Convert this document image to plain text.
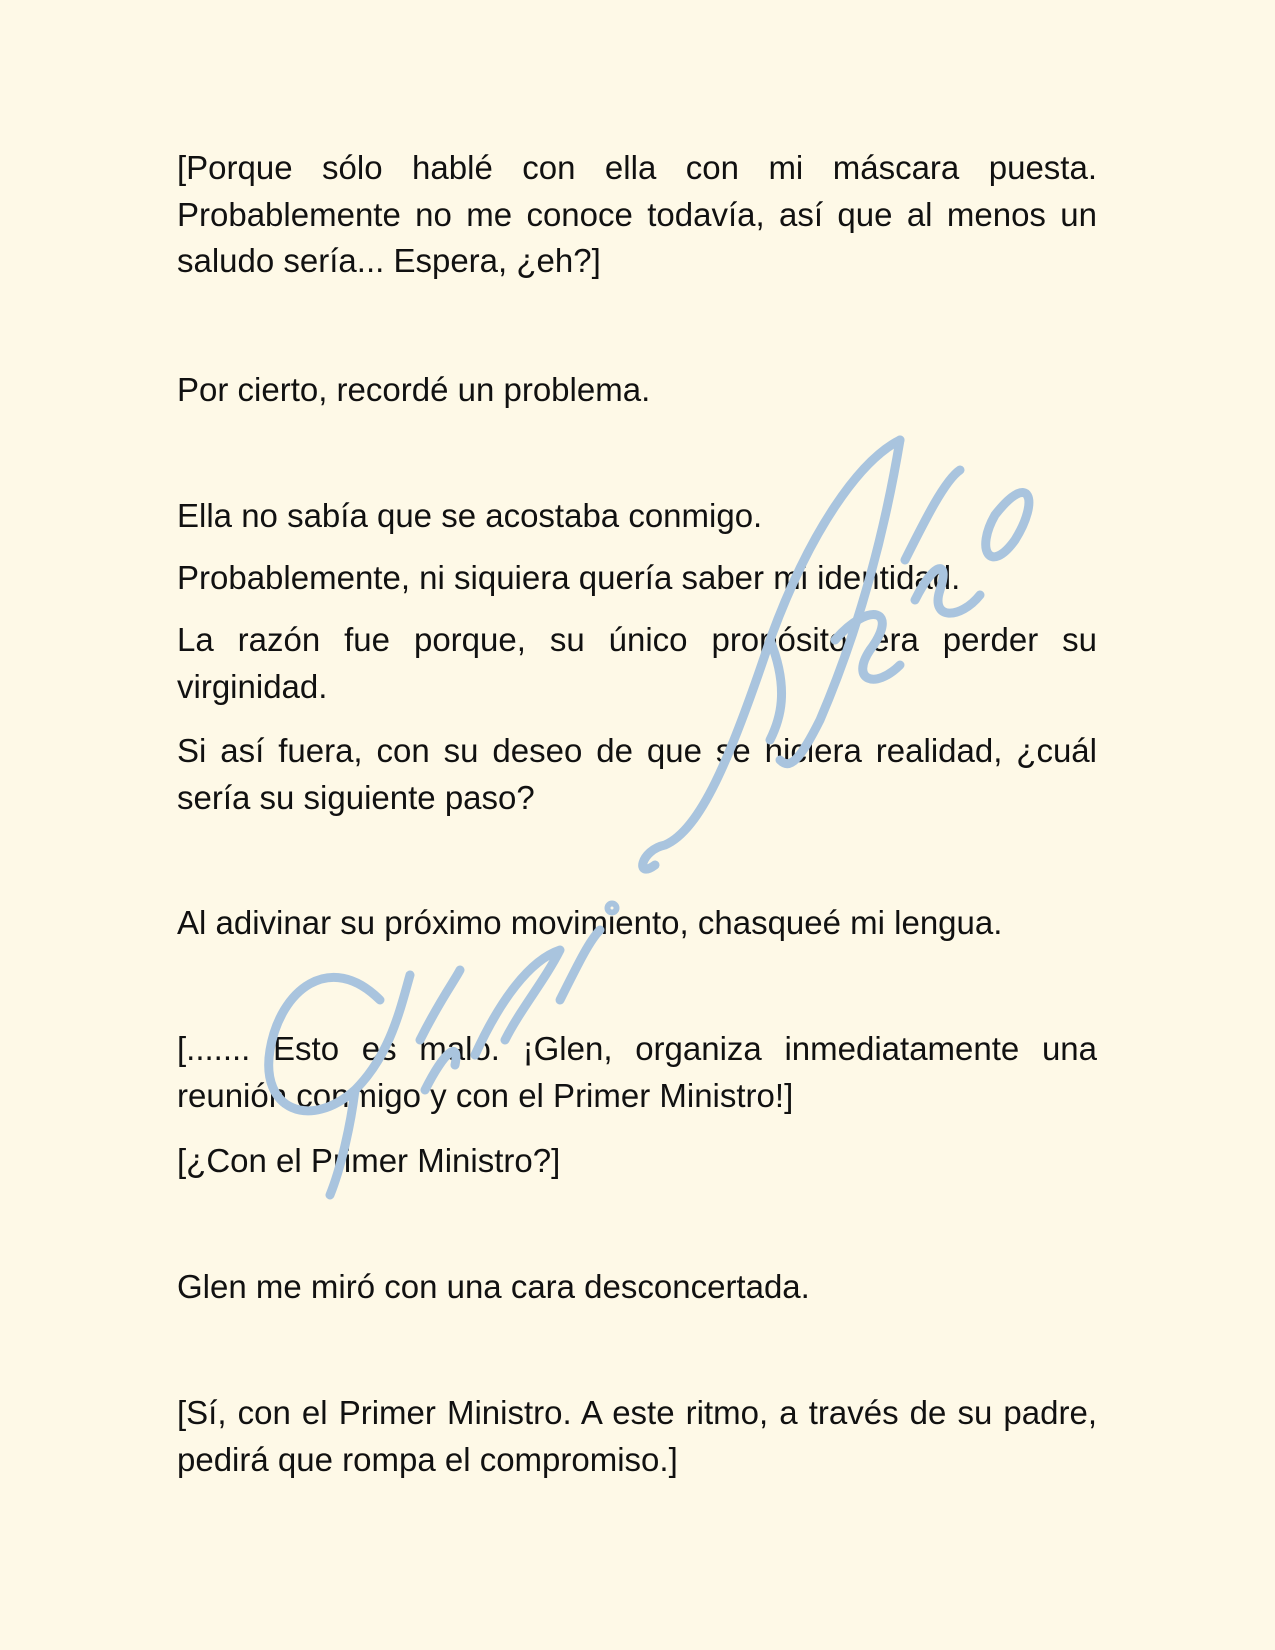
[Porque sólo hablé con ella con mi máscara puesta. Probablemente no me conoce todavía, así que al menos un saludo sería... Espera, ¿eh?]

Por cierto, recordé un problema.

Ella no sabía que se acostaba conmigo.

Probablemente, ni siquiera quería saber mi identidad.

La razón fue porque, su único propósito era perder su virginidad.

Si así fuera, con su deseo de que se hiciera realidad, ¿cuál sería su siguiente paso?

Al adivinar su próximo movimiento, chasqueé mi lengua.

[....... Esto es malo. ¡Glen, organiza inmediatamente una reunión conmigo y con el Primer Ministro!]

[¿Con el Primer Ministro?]

Glen me miró con una cara desconcertada.

[Sí, con el Primer Ministro. A este ritmo, a través de su padre, pedirá que rompa el compromiso.]
